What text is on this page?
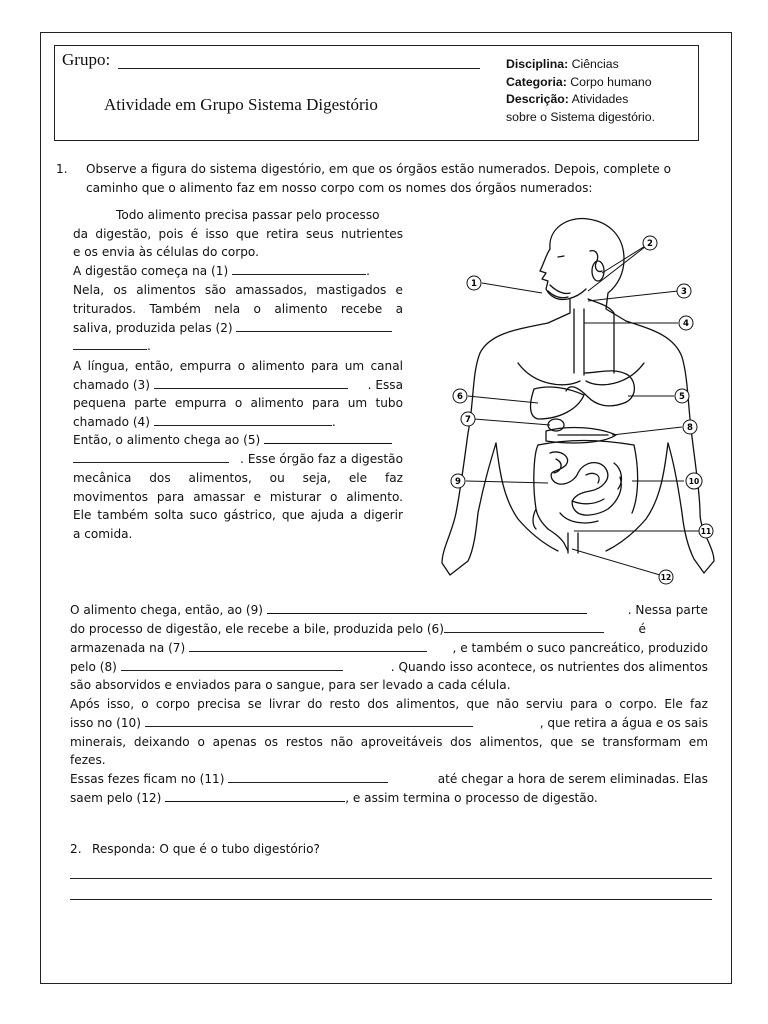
Grupo:
Atividade em Grupo Sistema Digestório
Disciplina: Ciências
Categoria: Corpo humano
Descrição: Atividades
sobre o Sistema digestório.
1. Observe a figura do sistema digestório, em que os órgãos estão numerados. Depois, complete o
caminho que o alimento faz em nosso corpo com os nomes dos órgãos numerados:
Todo alimento precisa passar pelo processo
da digestão, pois é isso que retira seus nutrientes
e os envia às células do corpo.
A digestão começa na (1)	.
Nela, os alimentos são amassados, mastigados e
triturados. Também nela o alimento recebe a
saliva, produzida pelas (2)
.
A língua, então, empurra o alimento para um canal
chamado (3)	. Essa
pequena parte empurra o alimento para um tubo
chamado (4)	.
Então, o alimento chega ao (5)
. Esse órgão faz a digestão
mecânica dos alimentos, ou seja, ele faz
movimentos para amassar e misturar o alimento.
Ele também solta suco gástrico, que ajuda a digerir
a comida.
1
2
3
4
5
6
7
8
9	10
11
12
O alimento chega, então, ao (9)	. Nessa parte
do processo de digestão, ele recebe a bile, produzida pelo (6)	é
armazenada na (7)	, e também o suco pancreático, produzido
pelo (8)	. Quando isso acontece, os nutrientes dos alimentos
são absorvidos e enviados para o sangue, para ser levado a cada célula.
Após isso, o corpo precisa se livrar do resto dos alimentos, que não serviu para o corpo. Ele faz
isso no (10)	, que retira a água e os sais
minerais, deixando o apenas os restos não aproveitáveis dos alimentos, que se transformam em
fezes.
Essas fezes ficam no (11)	até chegar a hora de serem eliminadas. Elas
saem pelo (12)	, e assim termina o processo de digestão.
2. Responda: O que é o tubo digestório?
